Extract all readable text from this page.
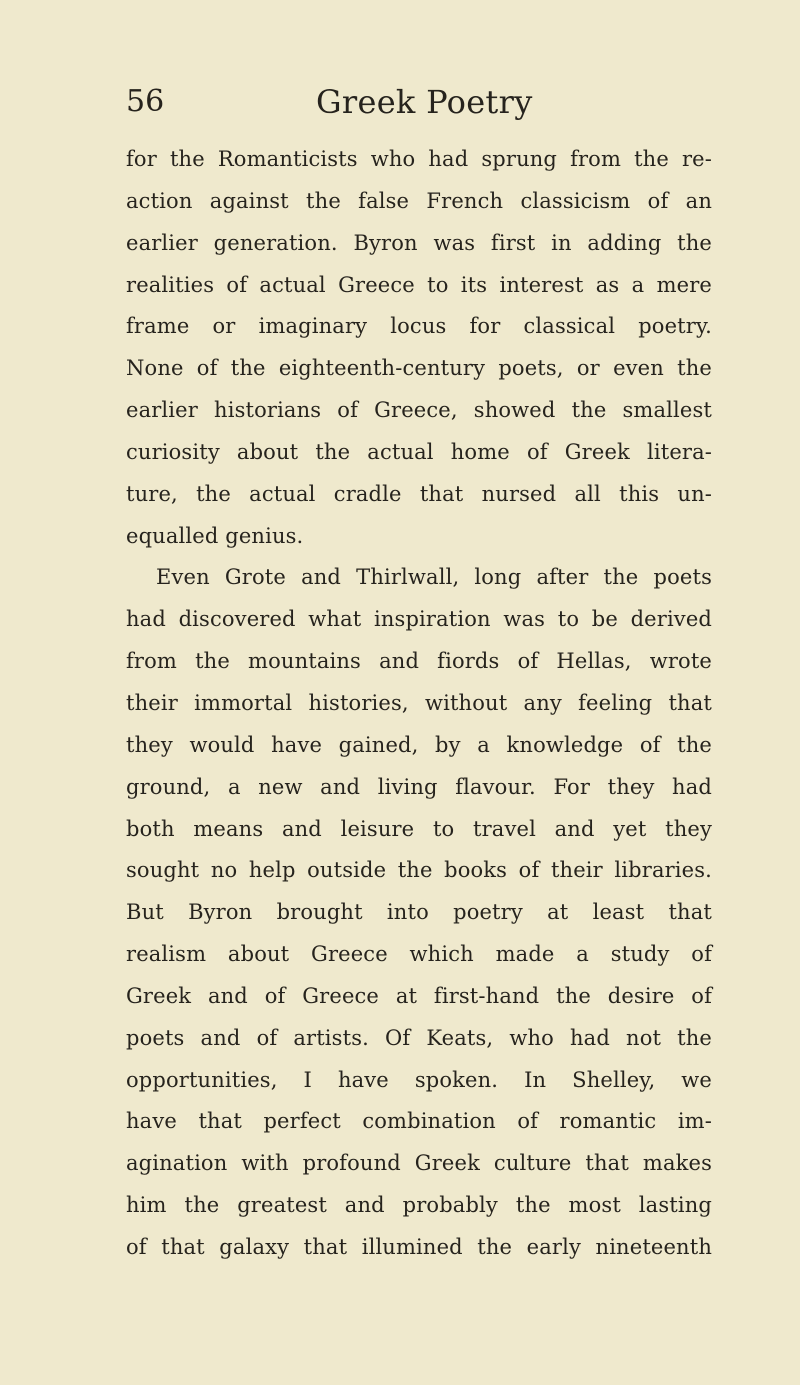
56	Greek Poetry
for the Romanticists who had sprung from the re-
action against the false French classicism of an
earlier generation. Byron was first in adding the
realities of actual Greece to its interest as a mere
frame or imaginary locus for classical poetry.
None of the eighteenth-century poets, or even the
earlier historians of Greece, showed the smallest
curiosity about the actual home of Greek litera-
ture, the actual cradle that nursed all this un-
equalled genius.
Even Grote and Thirlwall, long after the poets
had discovered what inspiration was to be derived
from the mountains and fiords of Hellas, wrote
their immortal histories, without any feeling that
they would have gained, by a knowledge of the
ground, a new and living flavour. For they had
both means and leisure to travel and yet they
sought no help outside the books of their libraries.
But Byron brought into poetry at least that
realism about Greece which made a study of
Greek and of Greece at first-hand the desire of
poets and of artists. Of Keats, who had not the
opportunities, I have spoken. In Shelley, we
have that perfect combination of romantic im-
agination with profound Greek culture that makes
him the greatest and probably the most lasting
of that galaxy that illumined the early nineteenth
